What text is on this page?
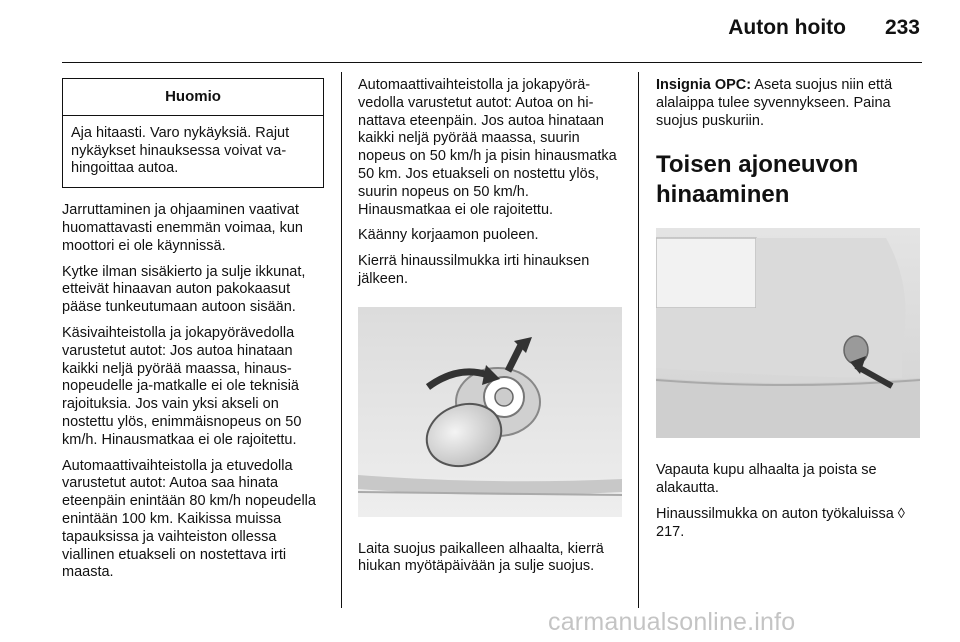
Auton hoito	233
Huomio
Aja hitaasti. Varo nykäyksiä. Rajut nykäykset hinauksessa voivat vahingoittaa autoa.

Jarruttaminen ja ohjaaminen vaativat huomattavasti enemmän voimaa, kun moottori ei ole käynnissä.

Kytke ilman sisäkierto ja sulje ikkunat, etteivät hinaavan auton pakokaasut pääse tunkeutumaan autoon sisään.

Käsivaihteistolla ja jokapyörävedolla varustetut autot: Jos autoa hinataan kaikki neljä pyörää maassa, hinausnopeudelle ja-matkalle ei ole teknisiä rajoituksia. Jos vain yksi akseli on nostettu ylös, enimmäisnopeus on 50 km/h. Hinausmatkaa ei ole rajoitettu.

Automaattivaihteistolla ja etuvedolla varustetut autot: Autoa saa hinata eteenpäin enintään 80 km/h nopeudella enintään 100 km. Kaikissa muissa tapauksissa ja vaihteiston ollessa viallinen etuakseli on nostettava irti maasta.

Automaattivaihteistolla ja jokapyörävedolla varustetut autot: Autoa on hinattava eteenpäin. Jos autoa hinataan kaikki neljä pyörää maassa, suurin nopeus on 50 km/h ja pisin hinausmatka 50 km. Jos etuakseli on nostettu ylös, suurin nopeus on 50 km/h. Hinausmatkaa ei ole rajoitettu.

Käänny korjaamon puoleen.

Kierrä hinaussilmukka irti hinauksen jälkeen.

Laita suojus paikalleen alhaalta, kierrä hiukan myötäpäivään ja sulje suojus.

Insignia OPC: Aseta suojus niin että alalaippa tulee syvennykseen. Paina suojus puskuriin.

Toisen ajoneuvon hinaaminen

Vapauta kupu alhaalta ja poista se alakautta.

Hinaussilmukka on auton työkaluissa ◊ 217.

carmanualsonline.info
